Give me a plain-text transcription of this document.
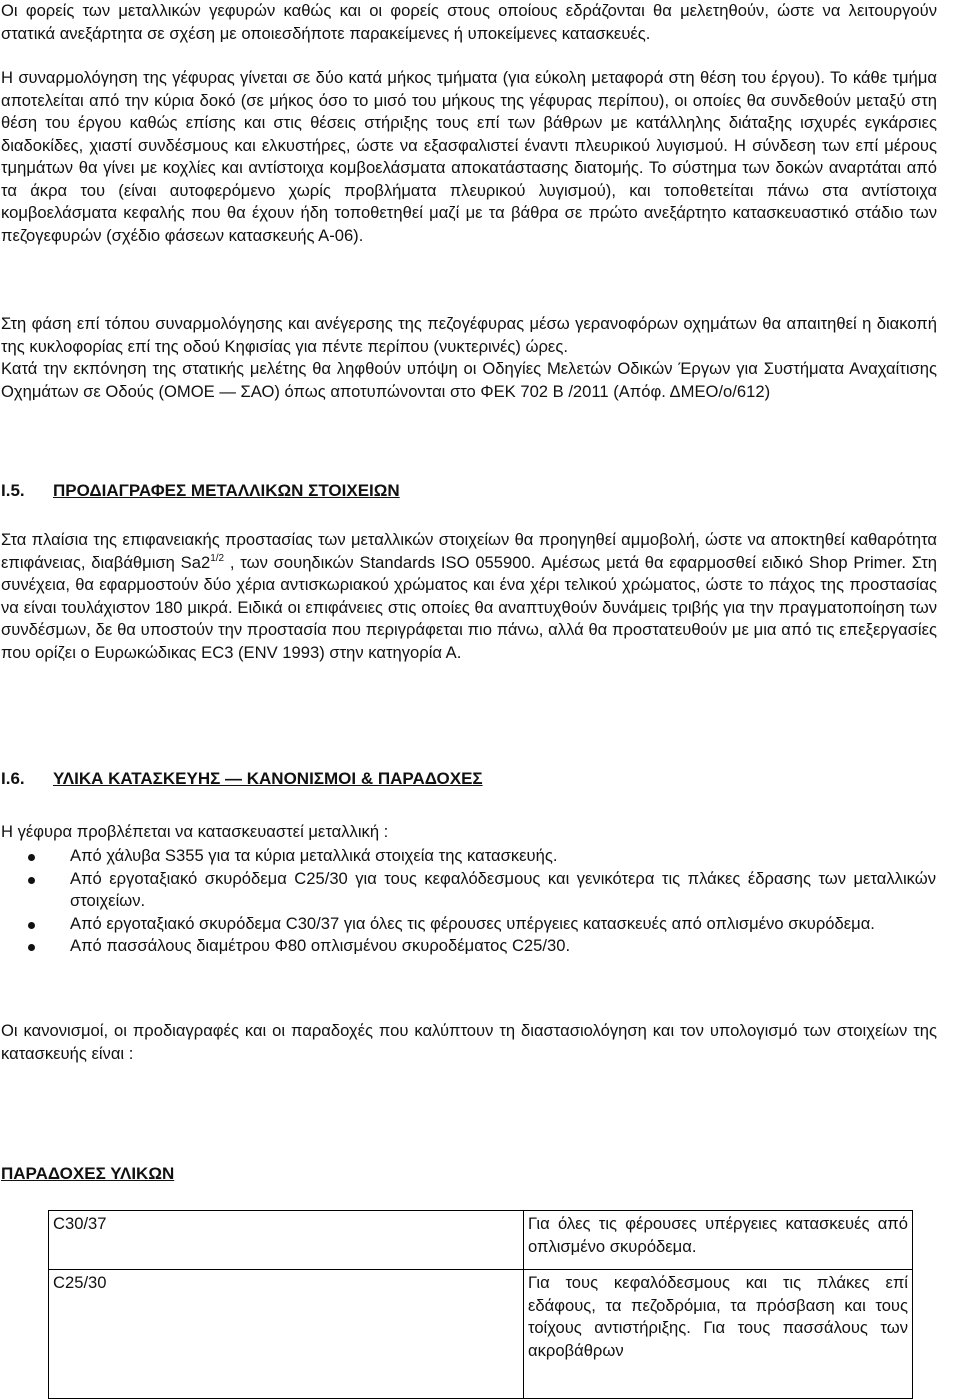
Οι φορείς των μεταλλικών γεφυρών καθώς και οι φορείς στους οποίους εδράζονται θα μελετηθούν, ώστε να λειτουργούν στατικά ανεξάρτητα σε σχέση με οποιεσδήποτε παρακείμενες ή υποκείμενες κατασκευές.

Η συναρμολόγηση της γέφυρας γίνεται σε δύο κατά μήκος τμήματα (για εύκολη μεταφορά στη θέση του έργου). Το κάθε τμήμα αποτελείται από την κύρια δοκό (σε μήκος όσο το μισό του μήκους της γέφυρας περίπου), οι οποίες θα συνδεθούν μεταξύ στη θέση του έργου καθώς επίσης και στις θέσεις στήριξης τους επί των βάθρων με κατάλληλης διάταξης ισχυρές εγκάρσιες διαδοκίδες, χιαστί συνδέσμους και ελκυστήρες, ώστε να εξασφαλιστεί έναντι πλευρικού λυγισμού. Η σύνδεση των επί μέρους τμημάτων θα γίνει με κοχλίες και αντίστοιχα κομβοελάσματα αποκατάστασης διατομής. Το σύστημα των δοκών αναρτάται από τα άκρα του (είναι αυτοφερόμενο χωρίς προβλήματα πλευρικού λυγισμού), και τοποθετείται πάνω στα αντίστοιχα κομβοελάσματα κεφαλής που θα έχουν ήδη τοποθετηθεί μαζί με τα βάθρα σε πρώτο ανεξάρτητο κατασκευαστικό στάδιο των πεζογεφυρών (σχέδιο φάσεων κατασκευής Α-06).

Στη φάση επί τόπου συναρμολόγησης και ανέγερσης της πεζογέφυρας μέσω γερανοφόρων οχημάτων θα απαιτηθεί η διακοπή της κυκλοφορίας επί της οδού Κηφισίας για πέντε περίπου (νυκτερινές) ώρες.

Κατά την εκπόνηση της στατικής μελέτης θα ληφθούν υπόψη οι Οδηγίες Μελετών Οδικών Έργων για Συστήματα Αναχαίτισης Οχημάτων σε Οδούς (ΟΜΟΕ — ΣΑΟ) όπως αποτυπώνονται στο ΦΕΚ 702 Β /2011 (Απόφ. ΔΜΕΟ/ο/612)

I.5. ΠΡΟΔΙΑΓΡΑΦΕΣ ΜΕΤΑΛΛΙΚΩΝ ΣΤΟΙΧΕΙΩΝ

Στα πλαίσια της επιφανειακής προστασίας των μεταλλικών στοιχείων θα προηγηθεί αμμοβολή, ώστε να αποκτηθεί καθαρότητα επιφάνειας, διαβάθμιση $Sa2^{1/2}$ , των σουηδικών Standards ISO 055900. Αμέσως μετά θα εφαρμοσθεί ειδικό Shop Primer. Στη συνέχεια, θα εφαρμοστούν δύο χέρια αντισκωριακού χρώματος και ένα χέρι τελικού χρώματος, ώστε το πάχος της προστασίας να είναι τουλάχιστον 180 μικρά. Ειδικά οι επιφάνειες στις οποίες θα αναπτυχθούν δυνάμεις τριβής για την πραγματοποίηση των συνδέσμων, δε θα υποστούν την προστασία που περιγράφεται πιο πάνω, αλλά θα προστατευθούν με μια από τις επεξεργασίες που ορίζει ο Ευρωκώδικας EC3 (ENV 1993) στην κατηγορία Α.

I.6. ΥΛΙΚΑ ΚΑΤΑΣΚΕΥΗΣ — ΚΑΝΟΝΙΣΜΟΙ & ΠΑΡΑΔΟΧΕΣ

Η γέφυρα προβλέπεται να κατασκευαστεί μεταλλική :

Από χάλυβα S355 για τα κύρια μεταλλικά στοιχεία της κατασκευής.
Από εργοταξιακό σκυρόδεμα C25/30 για τους κεφαλόδεσμους και γενικότερα τις πλάκες έδρασης των μεταλλικών στοιχείων.
Από εργοταξιακό σκυρόδεμα C30/37 για όλες τις φέρουσες υπέργειες κατασκευές από οπλισμένο σκυρόδεμα.
Από πασσάλους διαμέτρου Φ80 οπλισμένου σκυροδέματος C25/30.

Οι κανονισμοί, οι προδιαγραφές και οι παραδοχές που καλύπτουν τη διαστασιολόγηση και τον υπολογισμό των στοιχείων της κατασκευής είναι :

ΠΑΡΑΔΟΧΕΣ ΥΛΙΚΩΝ
C30/37	Για όλες τις φέρουσες υπέργειες κατασκευές από οπλισμένο σκυρόδεμα.
C25/30	Για τους κεφαλόδεσμους και τις πλάκες επί εδάφους, τα πεζοδρόμια, τα πρόσβαση και τους τοίχους αντιστήριξης. Για τους πασσάλους των ακροβάθρων
